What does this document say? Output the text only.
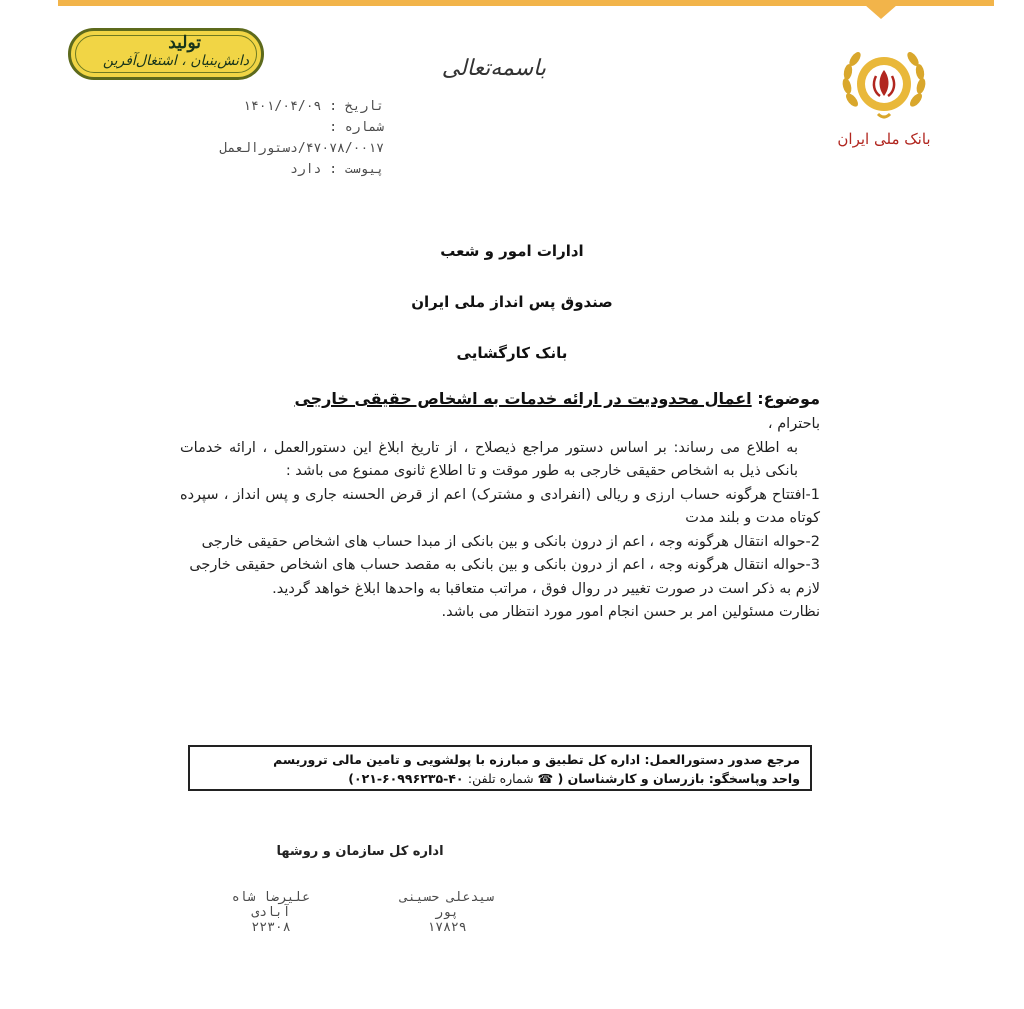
تولید
دانش‌بنیان ، اشتغال‌آفرین	باسمه‌تعالی
بانک ملی ایران
تاریخ : ۱۴۰۱/۰۴/۰۹
شماره :
۴۷۰۷۸/۰۰۱۷/دستورالعمل
پیوست : دارد
ادارات امور و شعب
صندوق پس انداز ملی ایران
بانک کارگشایی
موضوع: اعمال محدودیت در ارائه خدمات به اشخاص حقیقی خارجی

باحترام ،

به اطلاع می رساند: بر اساس دستور مراجع ذیصلاح ، از تاریخ ابلاغ این دستورالعمل ، ارائه خدمات بانکی ذیل به اشخاص حقیقی خارجی به طور موقت و تا اطلاع ثانوی ممنوع می باشد :

1-افتتاح هرگونه حساب ارزی و ریالی (انفرادی و مشترک) اعم از قرض الحسنه جاری و پس انداز ، سپرده کوتاه مدت و بلند مدت

2-حواله انتقال هرگونه وجه ، اعم از درون بانکی و بین بانکی از مبدا حساب های اشخاص حقیقی خارجی

3-حواله انتقال هرگونه وجه ، اعم از درون بانکی و بین بانکی به مقصد حساب های اشخاص حقیقی خارجی

لازم به ذکر است در صورت تغییر در روال فوق ، مراتب متعاقبا به واحدها ابلاغ خواهد گردید.

نظارت مسئولین امر بر حسن انجام امور مورد انتظار می باشد.

مرجع صدور دستورالعمل: اداره کل تطبیق و مبارزه با پولشویی و تامین مالی تروریسم
واحد وپاسخگو: بازرسان و کارشناسان ( ☎ شماره تلفن: ۴۰-۶۰۹۹۶۲۳۵-۰۲۱)
اداره کل سازمان و روشها
سیدعلی حسینی
پور
۱۷۸۲۹
علیرضا شاه
آبادی
۲۲۳۰۸
